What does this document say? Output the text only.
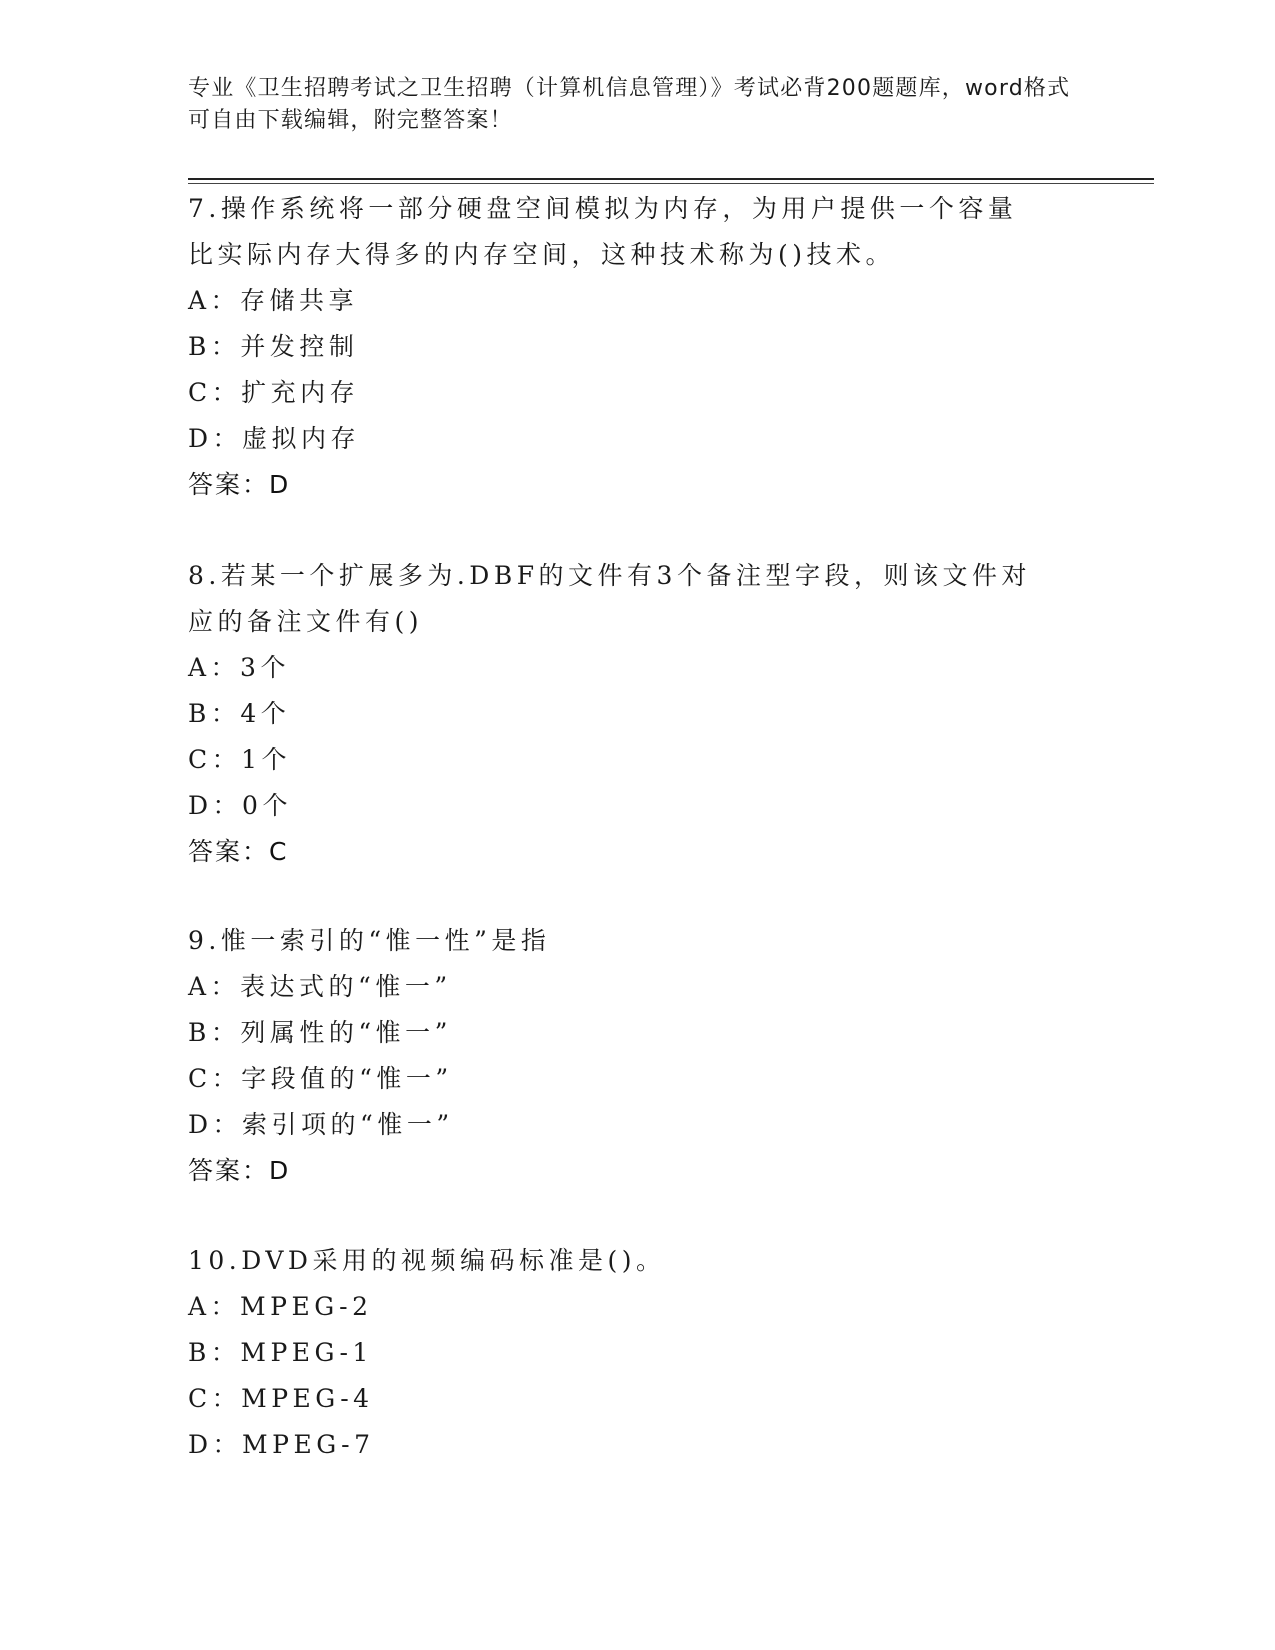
专业《卫生招聘考试之卫生招聘（计算机信息管理）》考试必背200题题库，word格式可自由下载编辑，附完整答案！
7.操作系统将一部分硬盘空间模拟为内存，为用户提供一个容量比实际内存大得多的内存空间，这种技术称为()技术。
A：存储共享
B：并发控制
C：扩充内存
D：虚拟内存
答案：D
8.若某一个扩展多为.DBF的文件有3个备注型字段，则该文件对应的备注文件有()
A：3个
B：4个
C：1个
D：0个
答案：C
9.惟一索引的“惟一性”是指
A：表达式的“惟一”
B：列属性的“惟一”
C：字段值的“惟一”
D：索引项的“惟一”
答案：D
10.DVD采用的视频编码标准是()。
A：MPEG-2
B：MPEG-1
C：MPEG-4
D：MPEG-7
